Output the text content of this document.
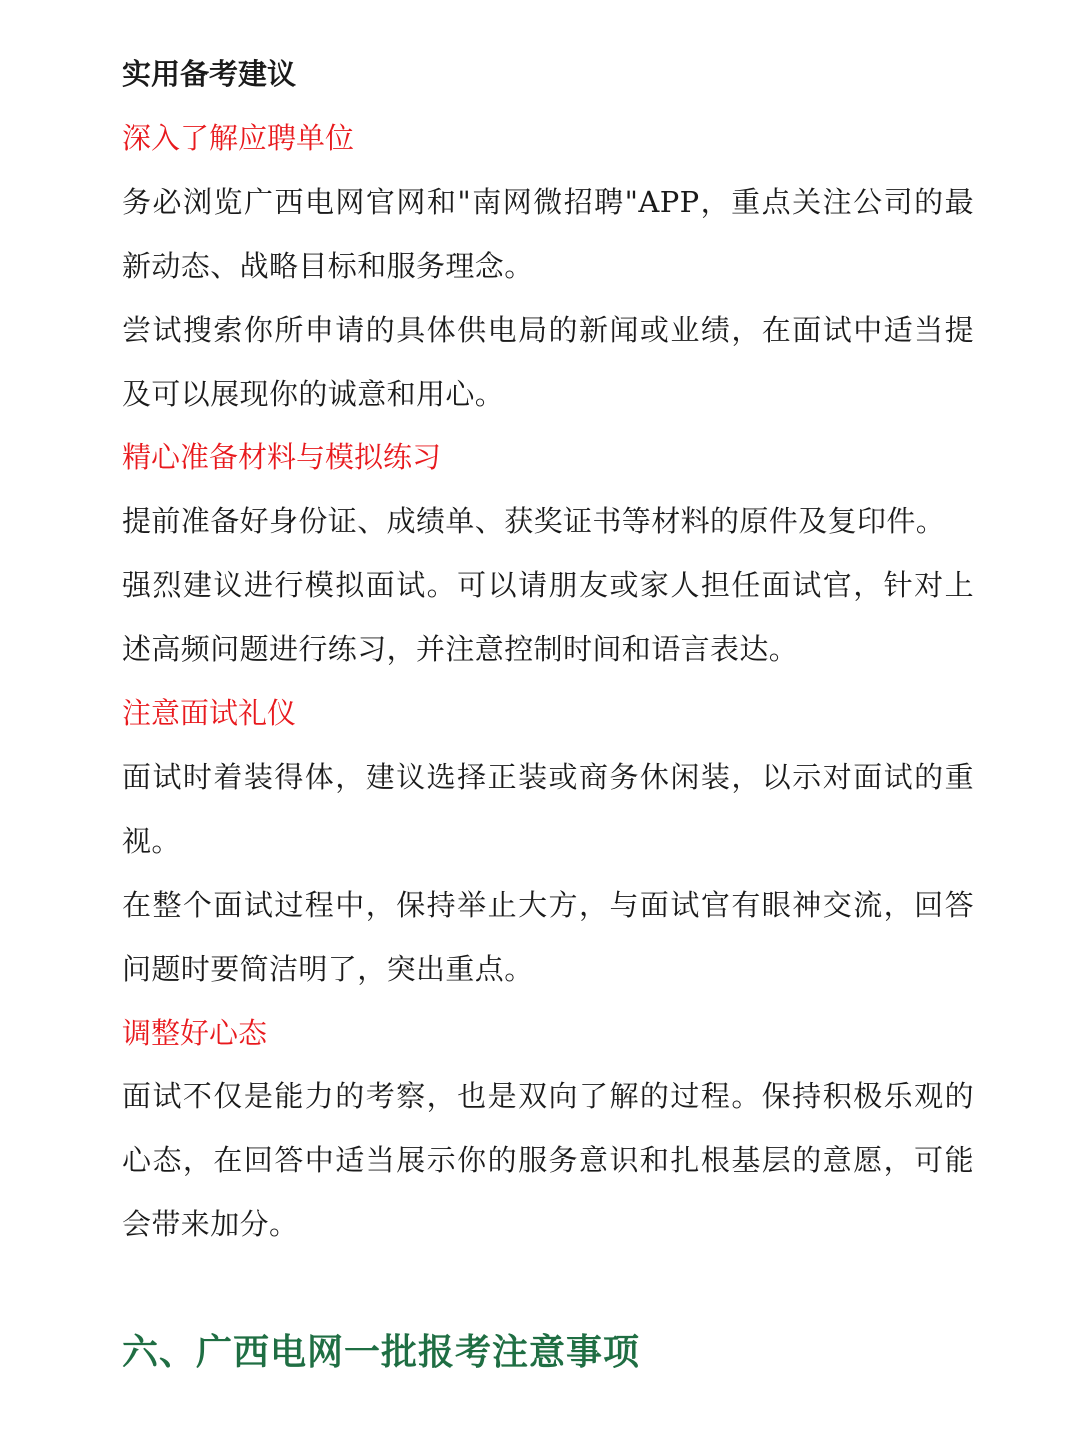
实用备考建议
深入了解应聘单位
务必浏览广西电网官网和"南网微招聘"APP，重点关注公司的最新动态、战略目标和服务理念。
尝试搜索你所申请的具体供电局的新闻或业绩，在面试中适当提及可以展现你的诚意和用心。
精心准备材料与模拟练习
提前准备好身份证、成绩单、获奖证书等材料的原件及复印件。
强烈建议进行模拟面试。可以请朋友或家人担任面试官，针对上述高频问题进行练习，并注意控制时间和语言表达。
注意面试礼仪
面试时着装得体，建议选择正装或商务休闲装，以示对面试的重视。
在整个面试过程中，保持举止大方，与面试官有眼神交流，回答问题时要简洁明了，突出重点。
调整好心态
面试不仅是能力的考察，也是双向了解的过程。保持积极乐观的心态，在回答中适当展示你的服务意识和扎根基层的意愿，可能会带来加分。
六、广西电网一批报考注意事项
